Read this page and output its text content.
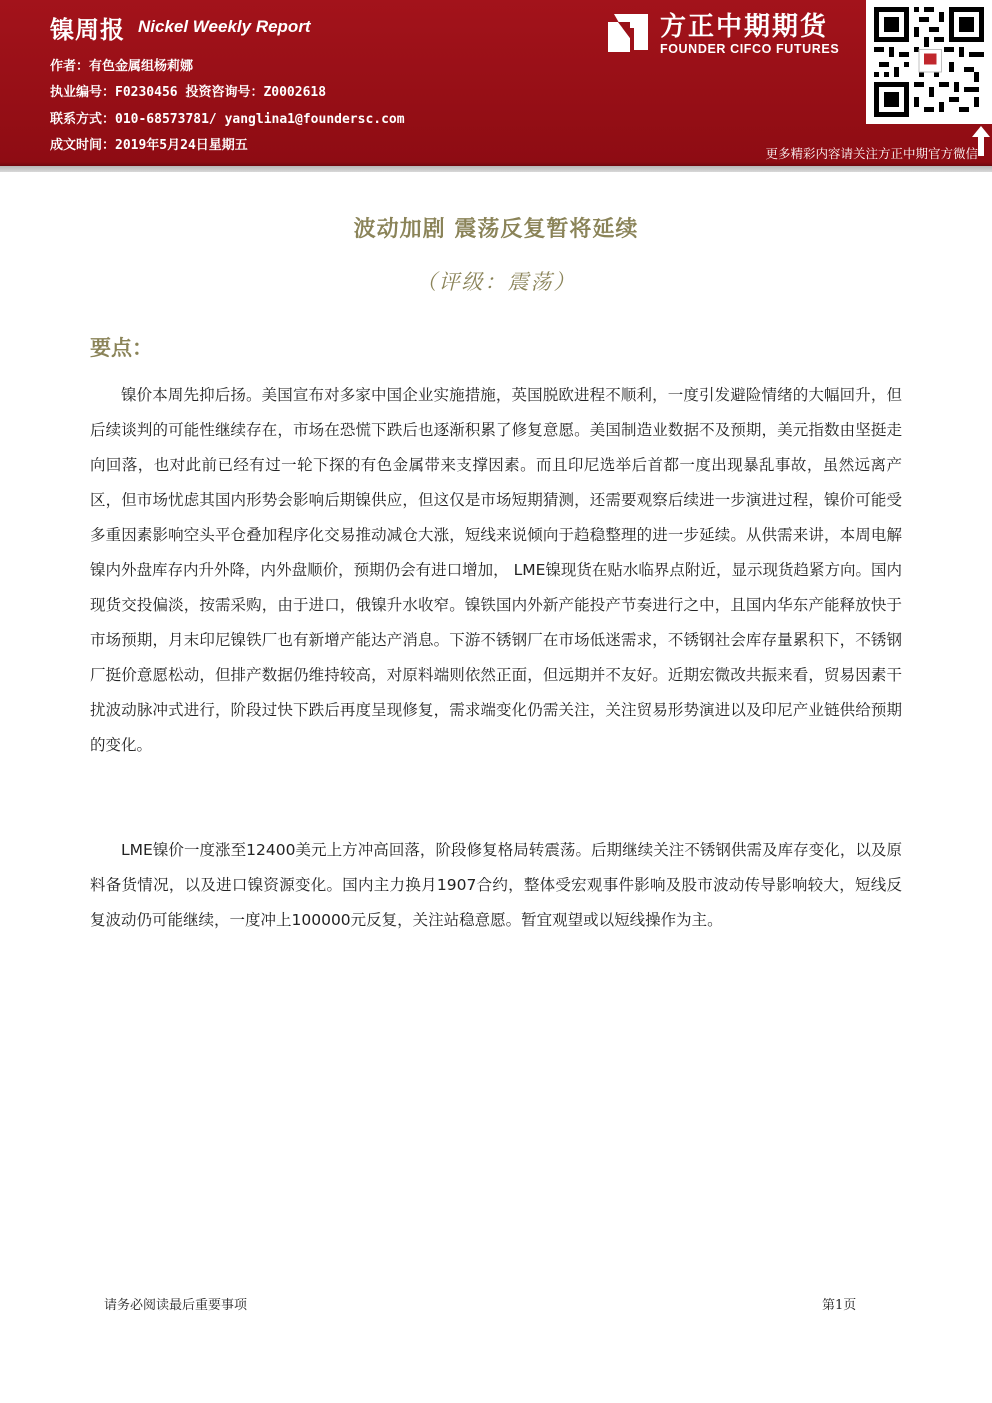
镍周报 Nickel Weekly Report
作者：有色金属组杨莉娜
执业编号：F0230456 投资咨询号：Z0002618
联系方式：010-68573781/ yanglina1@foundersc.com
成文时间：2019年5月24日星期五
方正中期期货
FOUNDER CIFCO FUTURES
更多精彩内容请关注方正中期官方微信
波动加剧 震荡反复暂将延续
（评级：震荡）
要点：
镍价本周先抑后扬。美国宣布对多家中国企业实施措施，英国脱欧进程不顺利，一度引发避险情绪的大幅回升，但后续谈判的可能性继续存在，市场在恐慌下跌后也逐渐积累了修复意愿。美国制造业数据不及预期，美元指数由坚挺走向回落，也对此前已经有过一轮下探的有色金属带来支撑因素。而且印尼选举后首都一度出现暴乱事故，虽然远离产区，但市场忧虑其国内形势会影响后期镍供应，但这仅是市场短期猜测，还需要观察后续进一步演进过程，镍价可能受多重因素影响空头平仓叠加程序化交易推动减仓大涨，短线来说倾向于趋稳整理的进一步延续。从供需来讲，本周电解镍内外盘库存内升外降，内外盘顺价，预期仍会有进口增加， LME镍现货在贴水临界点附近，显示现货趋紧方向。国内现货交投偏淡，按需采购，由于进口，俄镍升水收窄。镍铁国内外新产能投产节奏进行之中，且国内华东产能释放快于市场预期，月末印尼镍铁厂也有新增产能达产消息。下游不锈钢厂在市场低迷需求，不锈钢社会库存量累积下，不锈钢厂挺价意愿松动，但排产数据仍维持较高，对原料端则依然正面，但远期并不友好。近期宏微改共振来看，贸易因素干扰波动脉冲式进行，阶段过快下跌后再度呈现修复，需求端变化仍需关注，关注贸易形势演进以及印尼产业链供给预期的变化。
LME镍价一度涨至12400美元上方冲高回落，阶段修复格局转震荡。后期继续关注不锈钢供需及库存变化，以及原料备货情况，以及进口镍资源变化。国内主力换月1907合约，整体受宏观事件影响及股市波动传导影响较大，短线反复波动仍可能继续，一度冲上100000元反复，关注站稳意愿。暂宜观望或以短线操作为主。
请务必阅读最后重要事项	第1页
